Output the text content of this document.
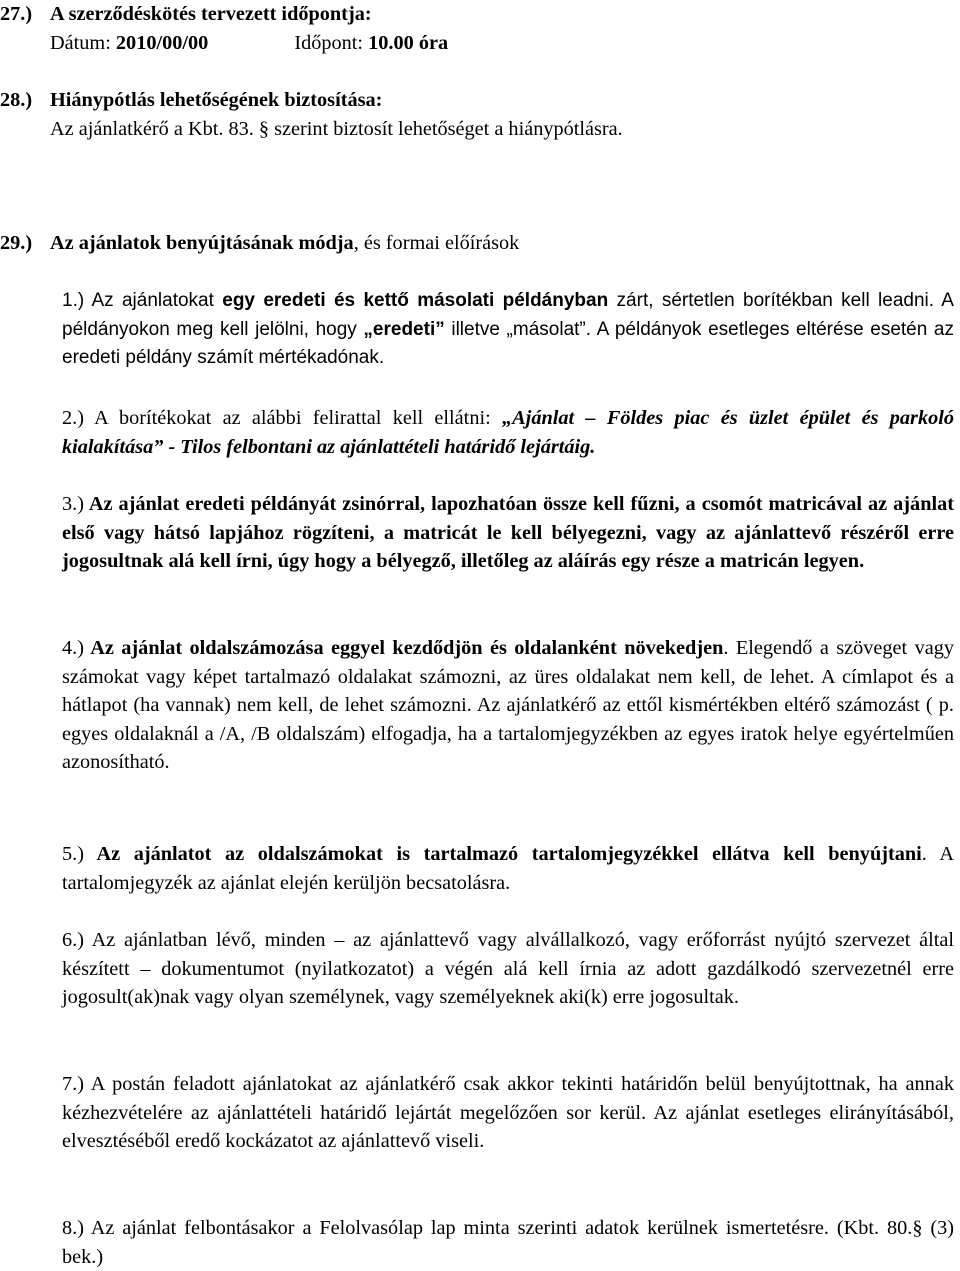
27.) A szerződéskötés tervezett időpontja:
Dátum: 2010/00/00	Időpont: 10.00 óra
28.) Hiánypótlás lehetőségének biztosítása:
Az ajánlatkérő a Kbt. 83. § szerint biztosít lehetőséget a hiánypótlásra.
29.) Az ajánlatok benyújtásának módja, és formai előírások
1.) Az ajánlatokat egy eredeti és kettő másolati példányban zárt, sértetlen borítékban kell leadni. A példányokon meg kell jelölni, hogy „eredeti” illetve „másolat”. A példányok esetleges eltérése esetén az eredeti példány számít mértékadónak.
2.) A borítékokat az alábbi felirattal kell ellátni: „Ajánlat – Földes piac és üzlet épület és parkoló kialakítása” - Tilos felbontani az ajánlattételi határidő lejártáig.
3.) Az ajánlat eredeti példányát zsinórral, lapozhatóan össze kell fűzni, a csomót matricával az ajánlat első vagy hátsó lapjához rögzíteni, a matricát le kell bélyegezni, vagy az ajánlattevő részéről erre jogosultnak alá kell írni, úgy hogy a bélyegző, illetőleg az aláírás egy része a matricán legyen.
4.) Az ajánlat oldalszámozása eggyel kezdődjön és oldalanként növekedjen. Elegendő a szöveget vagy számokat vagy képet tartalmazó oldalakat számozni, az üres oldalakat nem kell, de lehet. A címlapot és a hátlapot (ha vannak) nem kell, de lehet számozni. Az ajánlatkérő az ettől kismértékben eltérő számozást ( p. egyes oldalaknál a /A, /B oldalszám) elfogadja, ha a tartalomjegyzékben az egyes iratok helye egyértelműen azonosítható.
5.) Az ajánlatot az oldalszámokat is tartalmazó tartalomjegyzékkel ellátva kell benyújtani. A tartalomjegyzék az ajánlat elején kerüljön becsatolásra.
6.) Az ajánlatban lévő, minden – az ajánlattevő vagy alvállalkozó, vagy erőforrást nyújtó szervezet által készített – dokumentumot (nyilatkozatot) a végén alá kell írnia az adott gazdálkodó szervezetnél erre jogosult(ak)nak vagy olyan személynek, vagy személyeknek aki(k) erre jogosultak.
7.) A postán feladott ajánlatokat az ajánlatkérő csak akkor tekinti határidőn belül benyújtottnak, ha annak kézhezvételére az ajánlattételi határidő lejártát megelőzően sor kerül. Az ajánlat esetleges elirányításából, elvesztéséből eredő kockázatot az ajánlattevő viseli.
8.) Az ajánlat felbontásakor a Felolvasólap lap minta szerinti adatok kerülnek ismertetésre. (Kbt. 80.§ (3) bek.)
